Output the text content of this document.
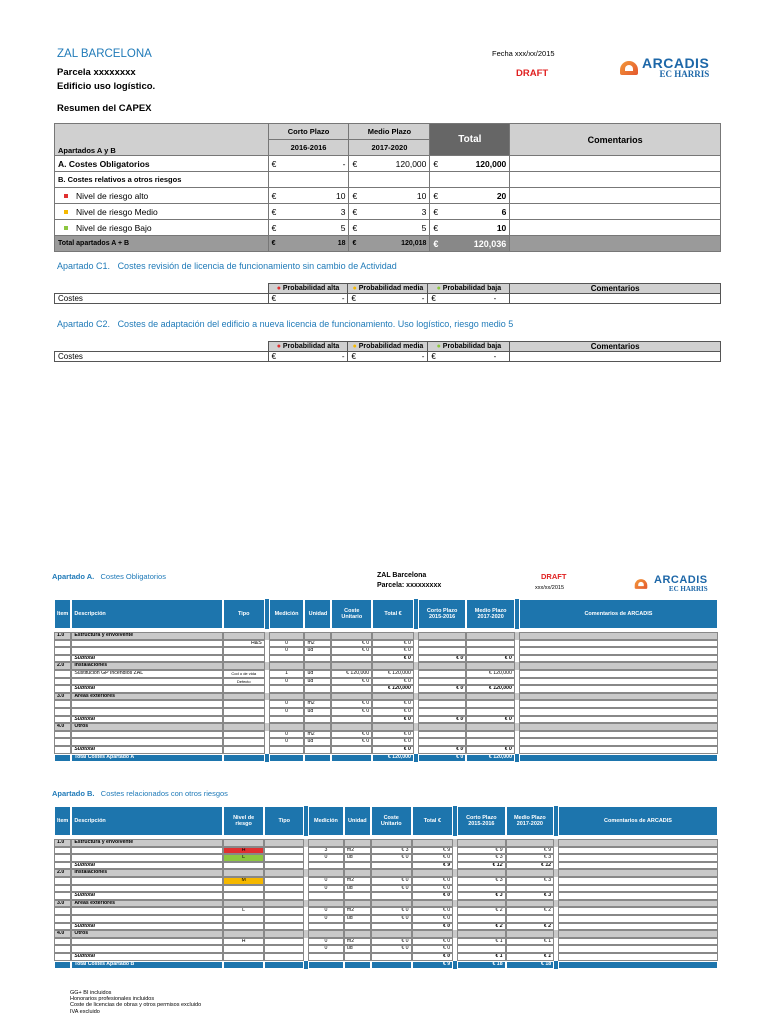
ZAL BARCELONA
Parcela xxxxxxxx
Edificio uso logístico.
Resumen del CAPEX
Fecha xxx/xx/2015
DRAFT
ARCADIS
EC HARRIS
Apartados A y B	Corto Plazo		Medio Plazo		Total		Comentarios
	2016-2016		2017-2020				
A. Costes Obligatorios	€	-	€	120,000	€	120,000	
B. Costes relativos a otros riesgos							
Nivel de riesgo alto	€	10	€	10	€	20	
Nivel de riesgo Medio	€	3	€	3	€	6	
Nivel de riesgo Bajo	€	5	€	5	€	10	
Total apartados A + B	€	18	€	120,018	€	120,036	
Apartado C1. Costes revisión de licencia de funcionamiento sin cambio de Actividad
	● Probabilidad alta	● Probabilidad media	● Probabilidad baja	Comentarios
Costes	€ -	€ -	€ -	

Apartado C2. Costes de adaptación del edificio a nueva licencia de funcionamiento. Uso logístico, riesgo medio 5
	● Probabilidad alta	● Probabilidad media	● Probabilidad baja	Comentarios
Costes	€ -	€ -	€ -	

Apartado A. Costes Obligatorios	ZAL Barcelona
Parcela: xxxxxxxxx
DRAFT
xxx/xx/2015
ARCADIS
EC HARRIS
Item	Descripción	Tipo		Medición	Unidad	Coste Unitario	Total €		Corto Plazo 2015-2016	Medio Plazo 2017-2020		Comentarios de ARCADIS

1.0	Estructura y envolvente											
		H&S		0	m2	€ 0	€ 0					
				0	ud	€ 0	€ 0					
	Subtotal						€ 0		€ 0	€ 0		
2.0	Instalaciones											
	Sustitución GP Incendios ZAL	Cod o de vida		1	ud	€ 120,000	€ 120,000			€ 120,000		
		Defecto		0	ud	€ 0	€ 0					
	Subtotal						€ 120,000		€ 0	€ 120,000		
3.0	Areas exteriores											
				0	m2	€ 0	€ 0					
				0	ud	€ 0	€ 0					
	Subtotal						€ 0		€ 0	€ 0		
4.0	Otros											
				0	m2	€ 0	€ 0					
				0	ud	€ 0	€ 0					
	Subtotal						€ 0		€ 0	€ 0		
	Total Costes Apartado A						€ 120,000		€ 0	€ 120,000		
Apartado B. Costes relacionados con otros riesgos
Item	Descripción	Nivel de riesgo	Tipo		Medición	Unidad	Coste Unitario	Total €		Corto Plazo 2015-2016	Medio Plazo 2017-2020		Comentarios de ARCADIS

1.0	Estructura y envolvente												
		H			3	m2	€ 3	€ 9		€ 9	€ 9		
		L			0	ud	€ 0	€ 0		€ 3	€ 3		
	Subtotal							€ 9		€ 12	€ 12		
2.0	Instalaciones												
		M			0	m2	€ 0	€ 0		€ 3	€ 3		
					0	ud	€ 0	€ 0					
	Subtotal							€ 0		€ 3	€ 3		
3.0	Areas exteriores												
		L			0	m2	€ 0	€ 0		€ 2	€ 2		
					0	ud	€ 0	€ 0					
	Subtotal							€ 0		€ 2	€ 2		
4.0	Otros												
		H			0	m2	€ 0	€ 0		€ 1	€ 1		
					0	ud	€ 0	€ 0					
	Subtotal							€ 0		€ 1	€ 1		
	Total Costes Apartado B							€ 9		€ 18	€ 18		
GG+ BI incluidos
Honorarios profesionales incluidos
Coste de licencias de obras y otros permisos excluido
IVA excluido
